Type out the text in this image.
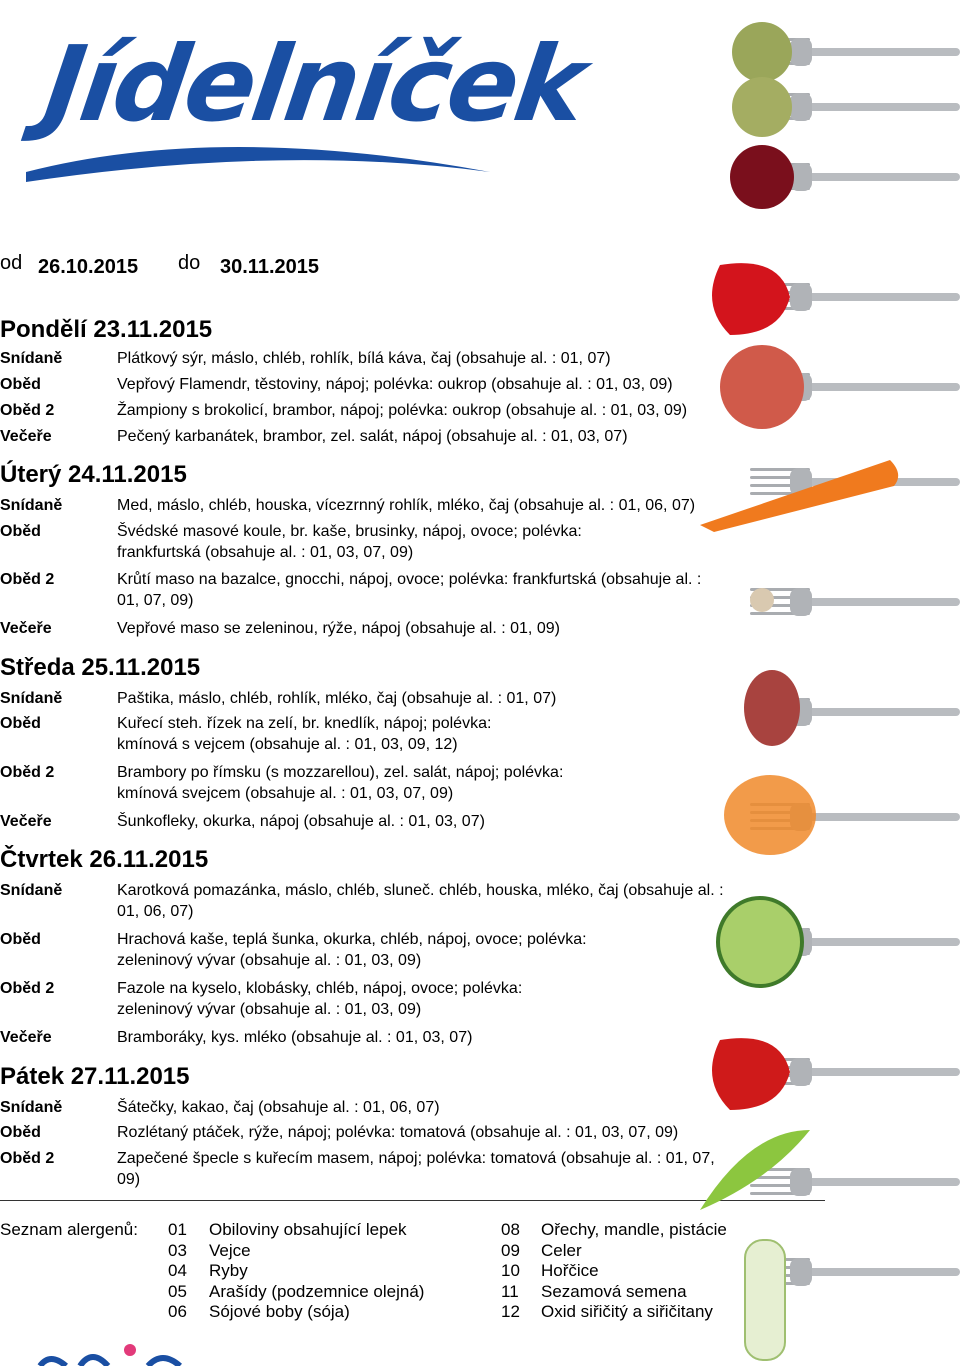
Jídelníček
od 26.10.2015 do 30.11.2015
Pondělí 23.11.2015
Snídaně	Plátkový sýr, máslo, chléb, rohlík, bílá káva, čaj (obsahuje al. : 01, 07)
Oběd	Vepřový Flamendr, těstoviny, nápoj; polévka: oukrop (obsahuje al. : 01, 03, 09)
Oběd 2	Žampiony s brokolicí, brambor, nápoj; polévka: oukrop (obsahuje al. : 01, 03, 09)
Večeře	Pečený karbanátek, brambor, zel. salát, nápoj (obsahuje al. : 01, 03, 07)
Úterý 24.11.2015
Snídaně	Med, máslo, chléb, houska, vícezrnný rohlík, mléko, čaj (obsahuje al. : 01, 06, 07)
Oběd	Švédské masové koule, br. kaše, brusinky, nápoj, ovoce; polévka:
frankfurtská (obsahuje al. : 01, 03, 07, 09)
Oběd 2	Krůtí maso na bazalce, gnocchi, nápoj, ovoce; polévka: frankfurtská (obsahuje al. :
01, 07, 09)
Večeře	Vepřové maso se zeleninou, rýže, nápoj (obsahuje al. : 01, 09)
Středa 25.11.2015
Snídaně	Paštika, máslo, chléb, rohlík, mléko, čaj (obsahuje al. : 01, 07)
Oběd	Kuřecí steh. řízek na zelí, br. knedlík, nápoj; polévka:
kmínová s vejcem (obsahuje al. : 01, 03, 09, 12)
Oběd 2	Brambory po římsku (s mozzarellou), zel. salát, nápoj; polévka:
kmínová svejcem (obsahuje al. : 01, 03, 07, 09)
Večeře	Šunkofleky, okurka, nápoj (obsahuje al. : 01, 03, 07)
Čtvrtek 26.11.2015
Snídaně	Karotková pomazánka, máslo, chléb, sluneč. chléb, houska, mléko, čaj (obsahuje al. :
01, 06, 07)
Oběd	Hrachová kaše, teplá šunka, okurka, chléb, nápoj, ovoce; polévka:
zeleninový vývar (obsahuje al. : 01, 03, 09)
Oběd 2	Fazole na kyselo, klobásky, chléb, nápoj, ovoce; polévka:
zeleninový vývar (obsahuje al. : 01, 03, 09)
Večeře	Bramboráky, kys. mléko (obsahuje al. : 01, 03, 07)
Pátek 27.11.2015
Snídaně	Šátečky, kakao, čaj (obsahuje al. : 01, 06, 07)
Oběd	Rozlétaný ptáček, rýže, nápoj; polévka: tomatová (obsahuje al. : 01, 03, 07, 09)
Oběd 2	Zapečené špecle s kuřecím masem, nápoj; polévka: tomatová (obsahuje al. : 01, 07,
09)
Seznam alergenů: 01 Obiloviny obsahující lepek
03 Vejce
04 Ryby
05 Arašídy (podzemnice olejná)
06 Sójové boby (sója)
08 Ořechy, mandle, pistácie
09 Celer
10 Hořčice
11 Sezamová semena
12 Oxid siřičitý a siřičitany
